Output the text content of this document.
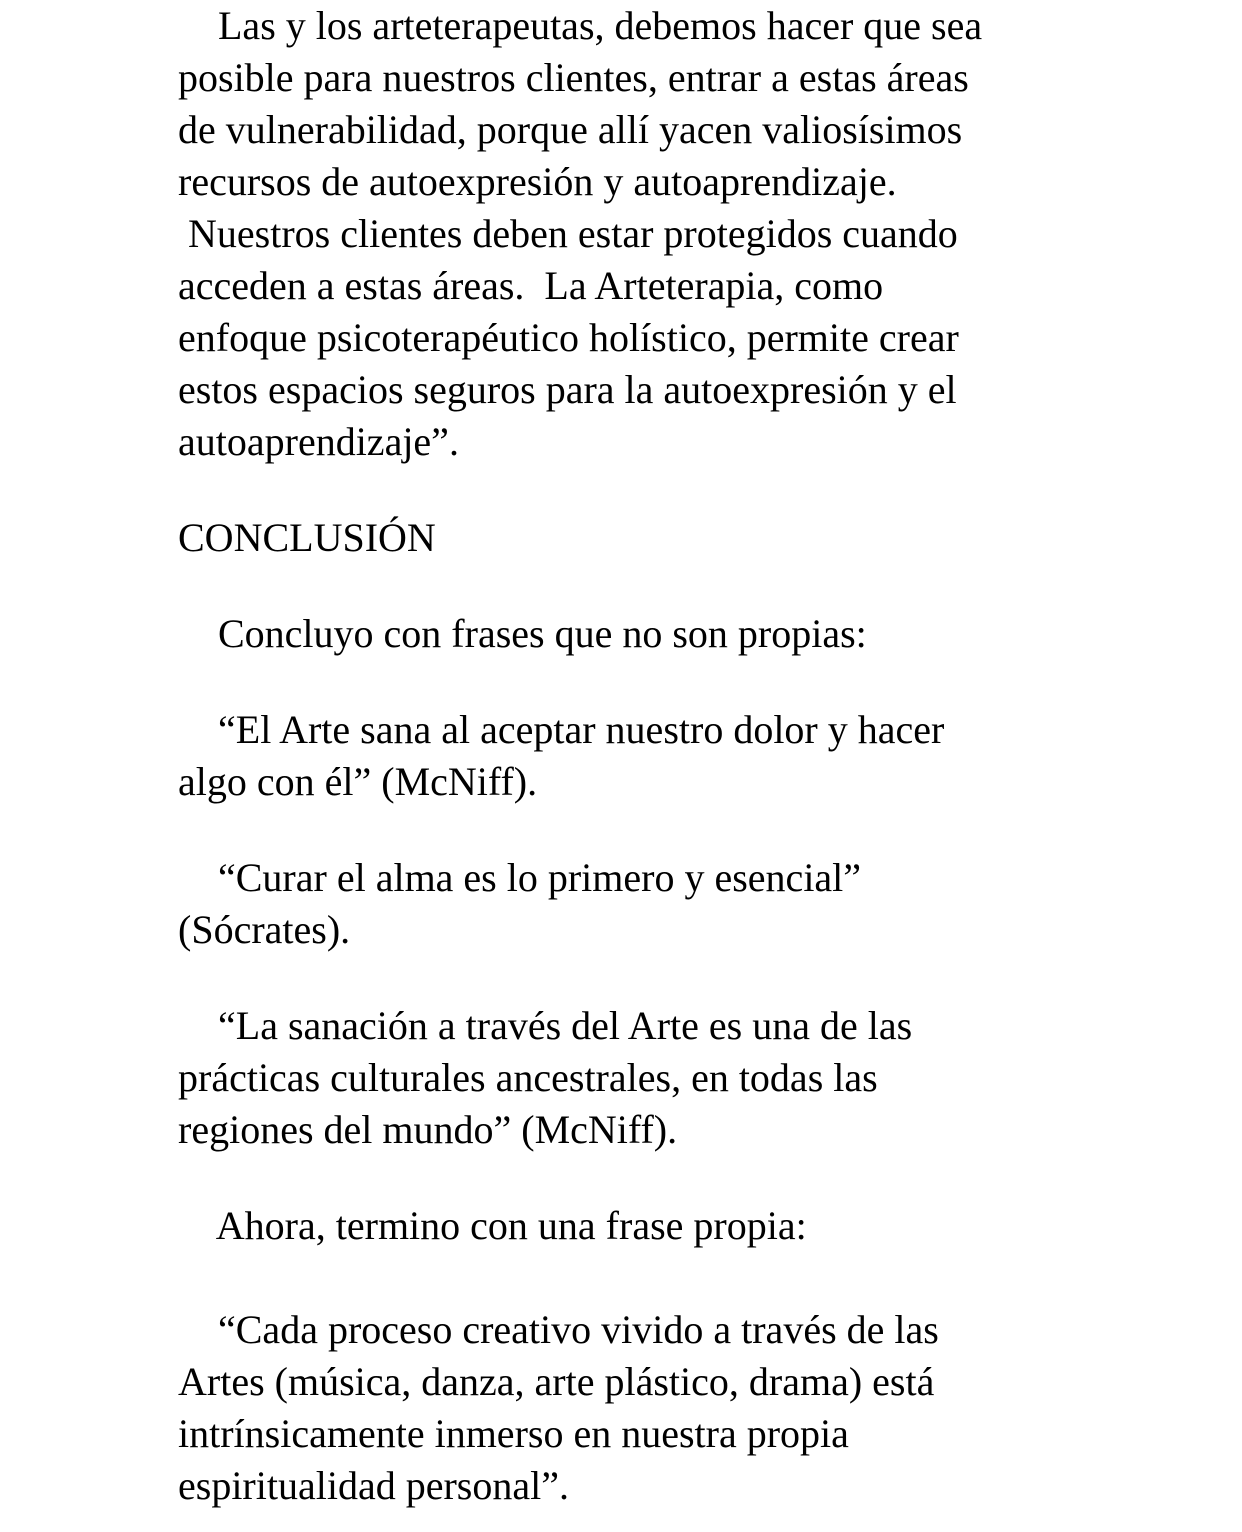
Las y los arteterapeutas, debemos hacer que sea
posible para nuestros clientes, entrar a estas áreas
de vulnerabilidad, porque allí yacen valiosísimos
recursos de autoexpresión y autoaprendizaje.
Nuestros clientes deben estar protegidos cuando
acceden a estas áreas.  La Arteterapia, como
enfoque psicoterapéutico holístico, permite crear
estos espacios seguros para la autoexpresión y el
autoaprendizaje”.
CONCLUSIÓN
Concluyo con frases que no son propias:
“El Arte sana al aceptar nuestro dolor y hacer
algo con él” (McNiff).
“Curar el alma es lo primero y esencial”
(Sócrates).
“La sanación a través del Arte es una de las
prácticas culturales ancestrales, en todas las
regiones del mundo” (McNiff).
Ahora, termino con una frase propia:
“Cada proceso creativo vivido a través de las
Artes (música, danza, arte plástico, drama) está
intrínsicamente inmerso en nuestra propia
espiritualidad personal”.
